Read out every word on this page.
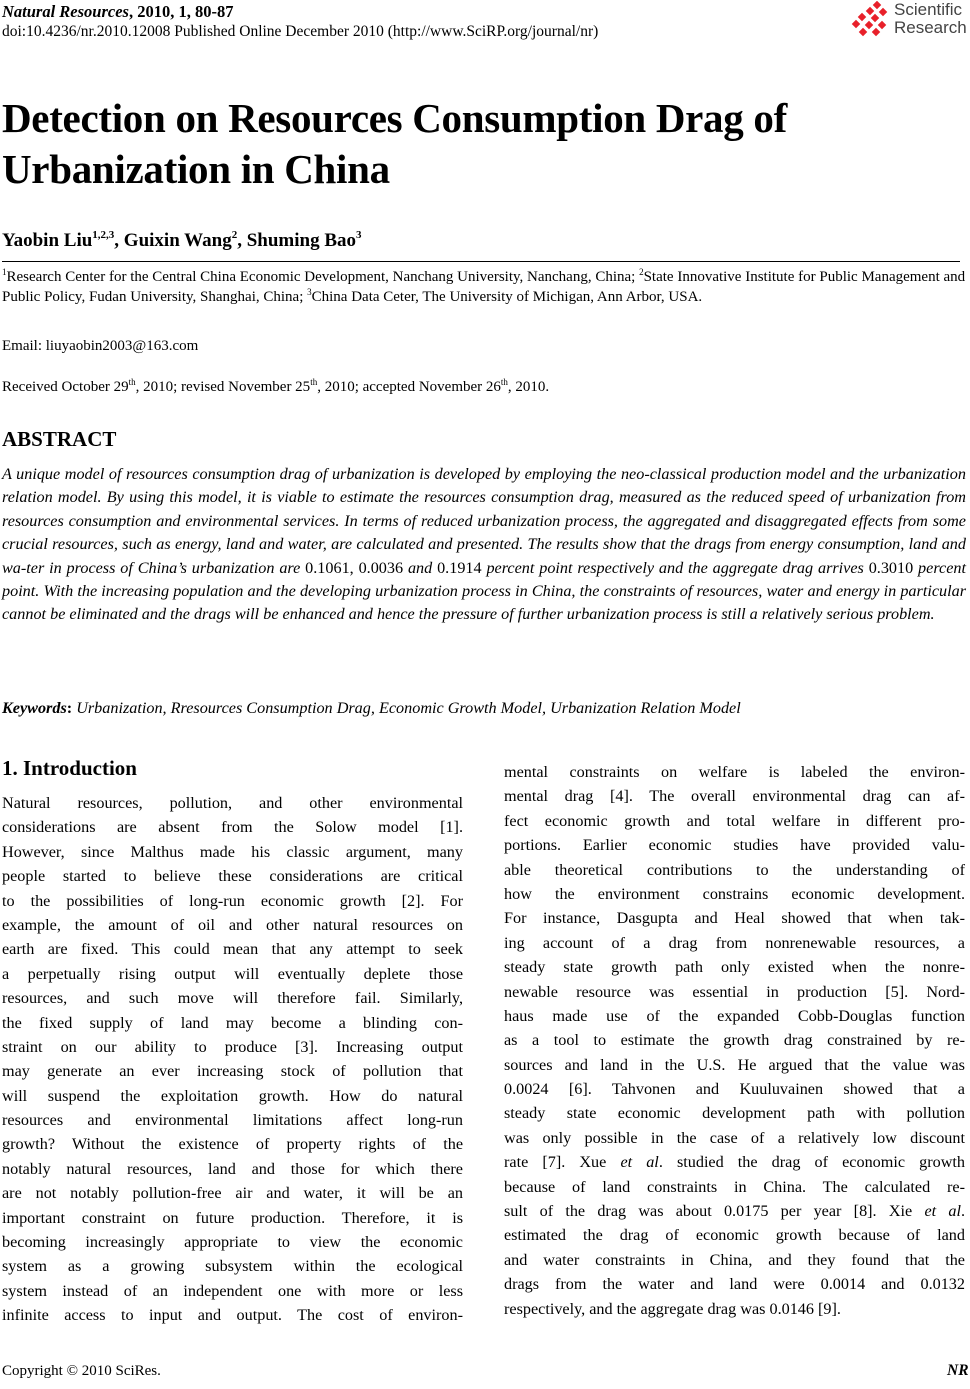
Natural Resources, 2010, 1, 80-87
doi:10.4236/nr.2010.12008 Published Online December 2010 (http://www.SciRP.org/journal/nr)
Scientific
Research
Detection on Resources Consumption Drag of
Urbanization in China
Yaobin Liu$^{1,2,3}$, Guixin Wang$^2$, Shuming Bao$^3$
$^1$Research Center for the Central China Economic Development, Nanchang University, Nanchang, China; $^2$State Innovative Institute for Public Management and Public Policy, Fudan University, Shanghai, China; $^3$China Data Ceter, The University of Michigan, Ann Arbor, USA.
Email: liuyaobin2003@163.com
Received October 29th, 2010; revised November 25th, 2010; accepted November 26th, 2010.
ABSTRACT
A unique model of resources consumption drag of urbanization is developed by employing the neo-classical production model and the urbanization relation model. By using this model, it is viable to estimate the resources consumption drag, measured as the reduced speed of urbanization from resources consumption and environmental services. In terms of reduced urbanization process, the aggregated and disaggregated effects from some crucial resources, such as energy, land and water, are calculated and presented. The results show that the drags from energy consumption, land and wa-ter in process of China’s urbanization are 0.1061, 0.0036 and 0.1914 percent point respectively and the aggregate drag arrives 0.3010 percent point. With the increasing population and the developing urbanization process in China, the constraints of resources, water and energy in particular cannot be eliminated and the drags will be enhanced and hence the pressure of further urbanization process is still a relatively serious problem.
Keywords: Urbanization, Rresources Consumption Drag, Economic Growth Model, Urbanization Relation Model
1. Introduction
Natural resources, pollution, and other environmental
considerations are absent from the Solow model [1].
However, since Malthus made his classic argument, many
people started to believe these considerations are critical
to the possibilities of long-run economic growth [2]. For
example, the amount of oil and other natural resources on
earth are fixed. This could mean that any attempt to seek
a perpetually rising output will eventually deplete those
resources, and such move will therefore fail. Similarly,
the fixed supply of land may become a blinding con-
straint on our ability to produce [3]. Increasing output
may generate an ever increasing stock of pollution that
will suspend the exploitation growth. How do natural
resources and environmental limitations affect long-run
growth? Without the existence of property rights of the
notably natural resources, land and those for which there
are not notably pollution-free air and water, it will be an
important constraint on future production. Therefore, it is
becoming increasingly appropriate to view the economic
system as a growing subsystem within the ecological
system instead of an independent one with more or less
infinite access to input and output. The cost of environ-
mental constraints on welfare is labeled the environ-
mental drag [4]. The overall environmental drag can af-
fect economic growth and total welfare in different pro-
portions. Earlier economic studies have provided valu-
able theoretical contributions to the understanding of
how the environment constrains economic development.
For instance, Dasgupta and Heal showed that when tak-
ing account of a drag from nonrenewable resources, a
steady state growth path only existed when the nonre-
newable resource was essential in production [5]. Nord-
haus made use of the expanded Cobb-Douglas function
as a tool to estimate the growth drag constrained by re-
sources and land in the U.S. He argued that the value was
0.0024 [6]. Tahvonen and Kuuluvainen showed that a
steady state economic development path with pollution
was only possible in the case of a relatively low discount
rate [7]. Xue et al. studied the drag of economic growth
because of land constraints in China. The calculated re-
sult of the drag was about 0.0175 per year [8]. Xie et al.
estimated the drag of economic growth because of land
and water constraints in China, and they found that the
drags from the water and land were 0.0014 and 0.0132
respectively, and the aggregate drag was 0.0146 [9].
Copyright © 2010 SciRes.	NR
